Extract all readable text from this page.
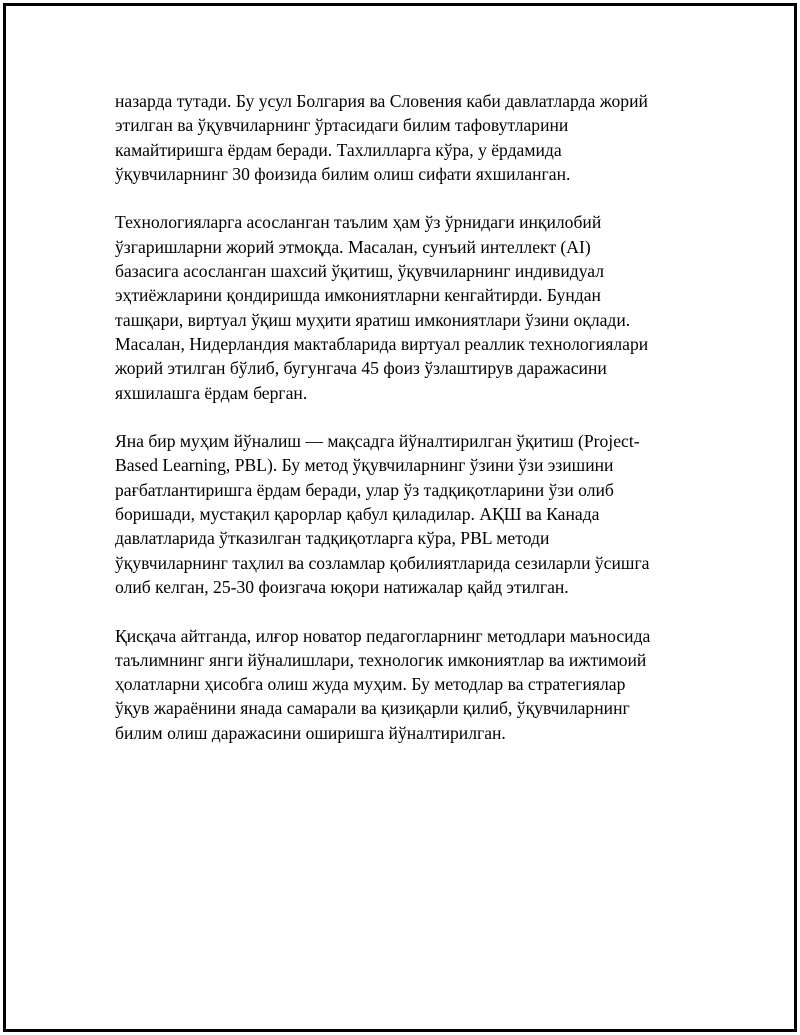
назарда тутади. Бу усул Болгария ва Словения каби давлатларда жорий
этилган ва ўқувчиларнинг ўртасидаги билим тафовутларини
камайтиришга ёрдам беради. Тахлилларга кўра, у ёрдамида
ўқувчиларнинг 30 фоизида билим олиш сифати яхшиланган.

Технологияларга асосланган таълим ҳам ўз ўрнидаги инқилобий
ўзгаришларни жорий этмоқда. Масалан, сунъий интеллект (AI)
базасига асосланган шахсий ўқитиш, ўқувчиларнинг индивидуал
эҳтиёжларини қондиришда имкониятларни кенгайтирди. Бундан
ташқари, виртуал ўқиш муҳити яратиш имкониятлари ўзини оқлади.
Масалан, Нидерландия мактабларида виртуал реаллик технологиялари
жорий этилган бўлиб, бугунгача 45 фоиз ўзлаштирув даражасини
яхшилашга ёрдам берган.

Яна бир муҳим йўналиш — мақсадга йўналтирилган ўқитиш (Project-
Based Learning, PBL). Бу метод ўқувчиларнинг ўзини ўзи эзишини
рағбатлантиришга ёрдам беради, улар ўз тадқиқотларини ўзи олиб
боришади, мустақил қарорлар қабул қиладилар. АҚШ ва Канада
давлатларида ўтказилган тадқиқотларга кўра, PBL методи
ўқувчиларнинг таҳлил ва созламлар қобилиятларида сезиларли ўсишга
олиб келган, 25-30 фоизгача юқори натижалар қайд этилган.

Қисқача айтганда, илғор новатор педагогларнинг методлари маъносида
таълимнинг янги йўналишлари, технологик имкониятлар ва ижтимоий
ҳолатларни ҳисобга олиш жуда муҳим. Бу методлар ва стратегиялар
ўқув жараёнини янада самарали ва қизиқарли қилиб, ўқувчиларнинг
билим олиш даражасини оширишга йўналтирилган.
